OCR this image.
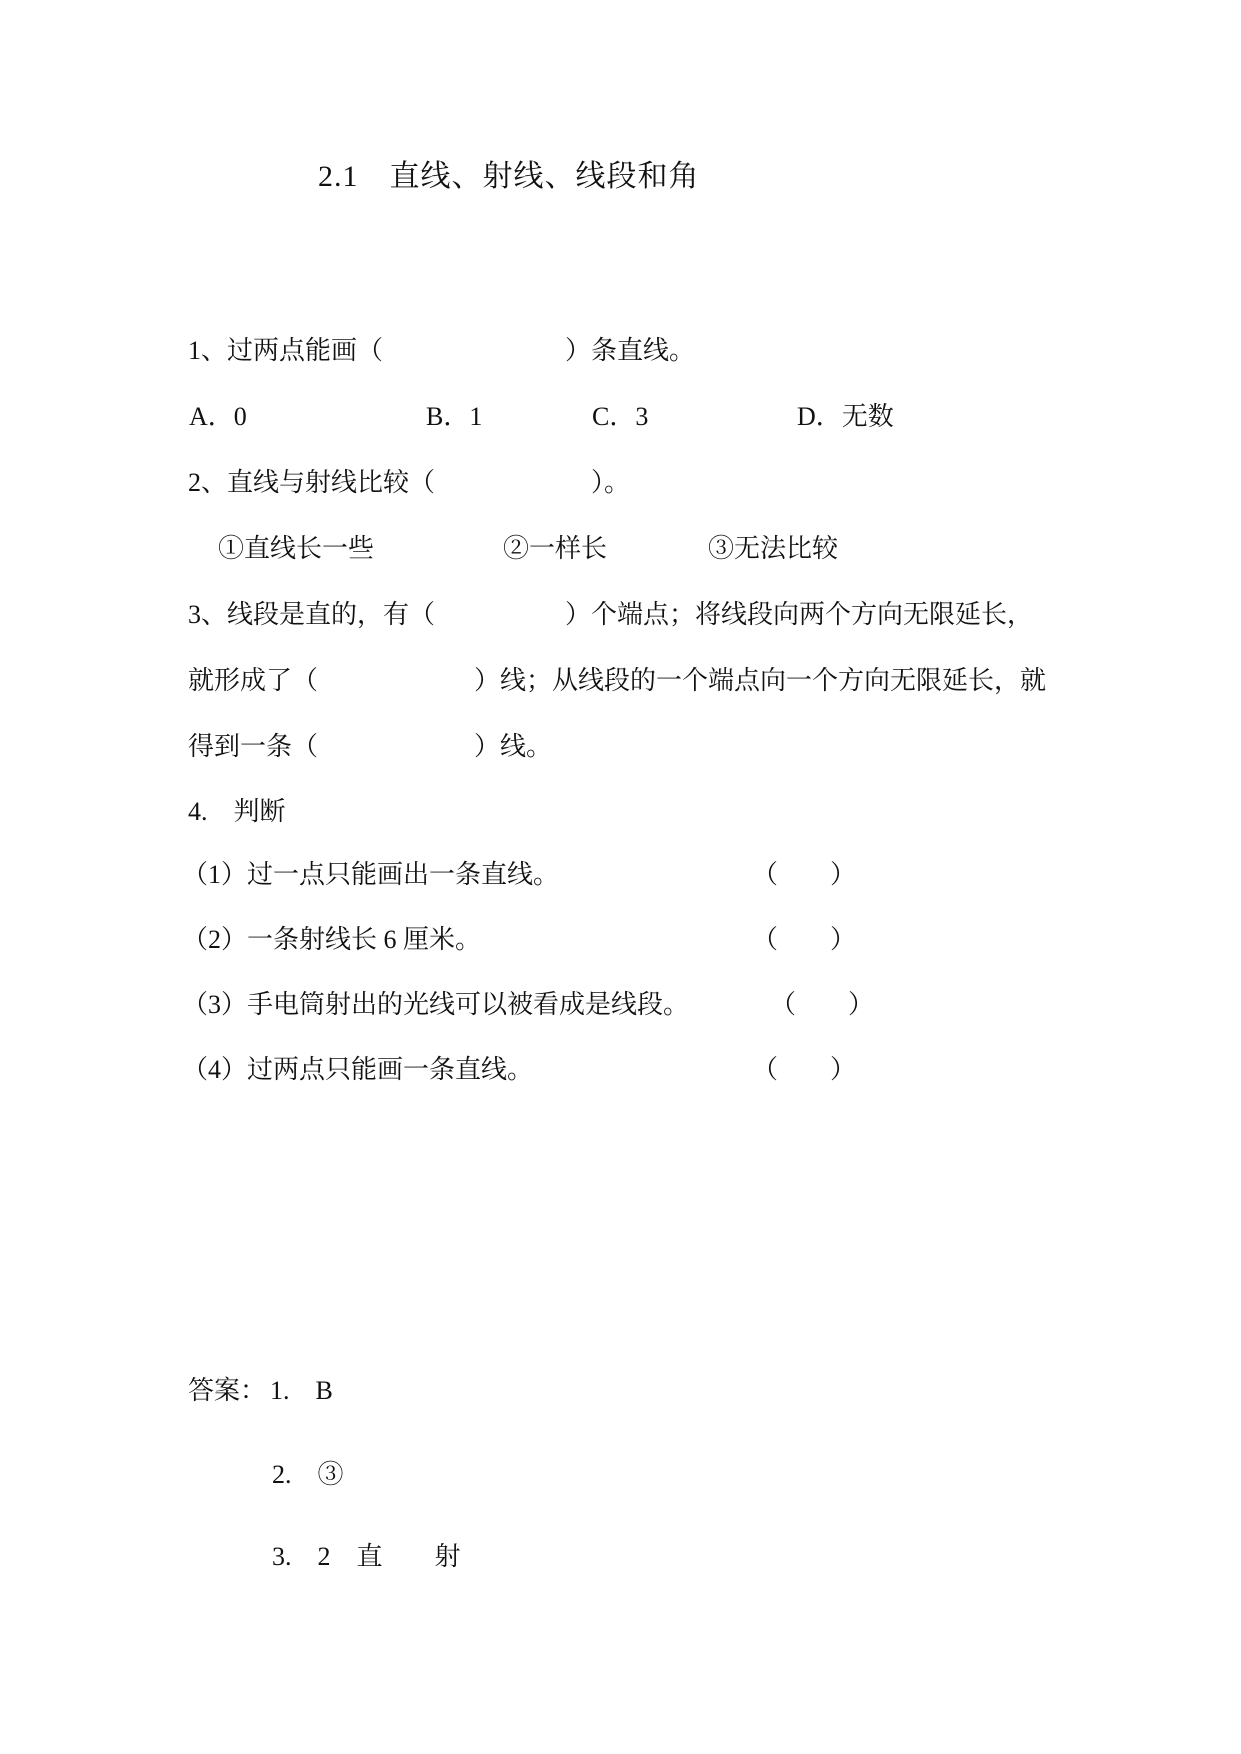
2.1　直线、射线、线段和角
1、过两点能画（　　　　　　　）条直线。
A．0	B．1	C．3	D．无数
2、直线与射线比较（　　　　　　）。
①直线长一些	②一样长	③无法比较
3、线段是直的，有（　　　　　）个端点；将线段向两个方向无限延长，
就形成了（　　　　　　）线；从线段的一个端点向一个方向无限延长，就
得到一条（　　　　　　）线。
4.　判断
（1）过一点只能画出一条直线。	（　　）
（2）一条射线长 6 厘米。	（　　）
（3）手电筒射出的光线可以被看成是线段。	（　　）
（4）过两点只能画一条直线。	（　　）
答案： 1.　B
2.　③
3.　2　直　　射
